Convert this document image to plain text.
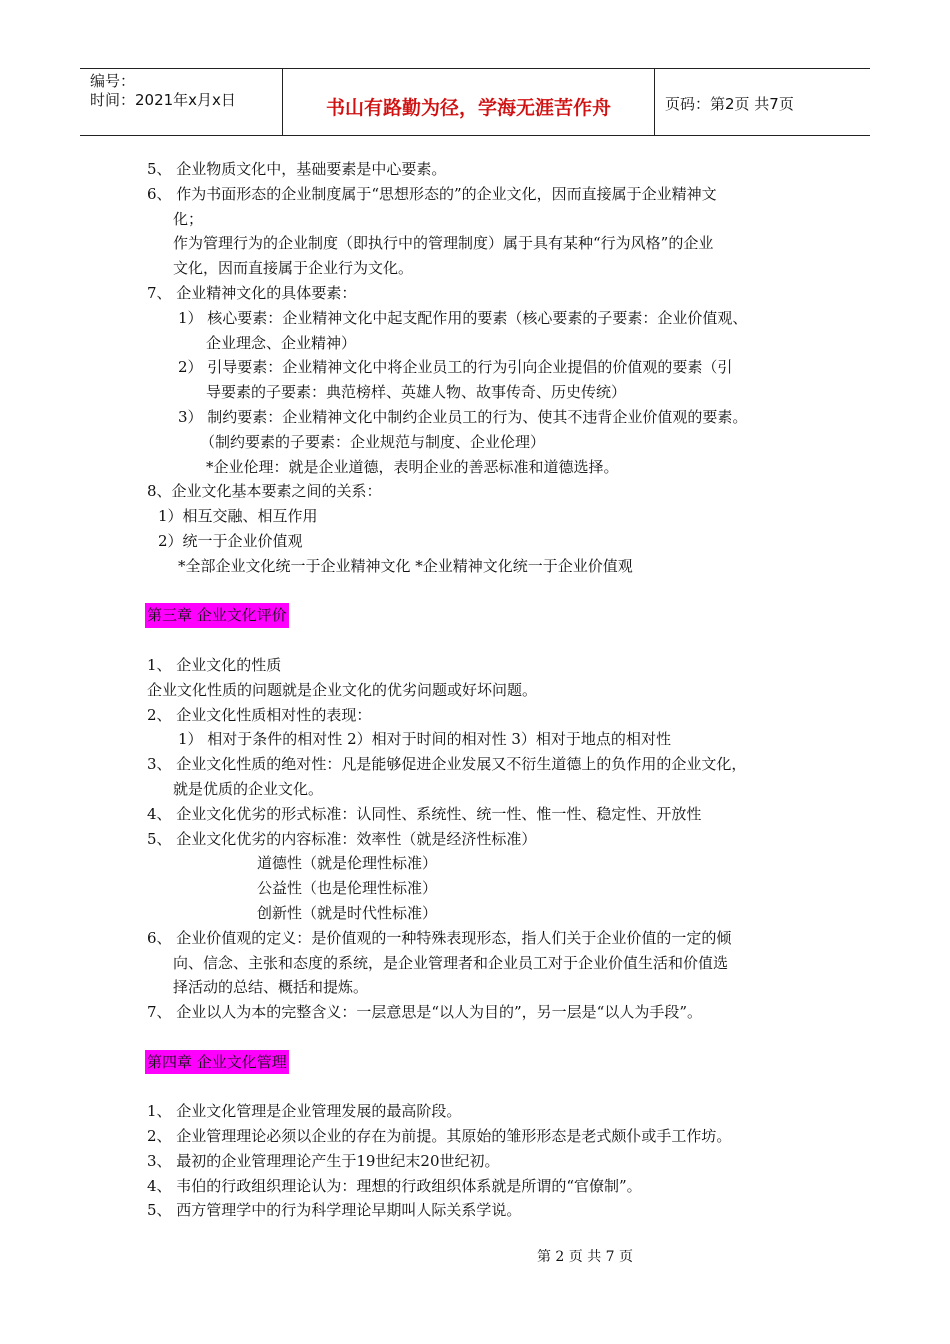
编号：
时间：2021年x月x日	书山有路勤为径，学海无涯苦作舟	页码：第2页 共7页
5、 企业物质文化中，基础要素是中心要素。
6、 作为书面形态的企业制度属于“思想形态的”的企业文化，因而直接属于企业精神文
化；
作为管理行为的企业制度（即执行中的管理制度）属于具有某种“行为风格”的企业
文化，因而直接属于企业行为文化。
7、 企业精神文化的具体要素：
1） 核心要素：企业精神文化中起支配作用的要素（核心要素的子要素：企业价值观、
企业理念、企业精神）
2） 引导要素：企业精神文化中将企业员工的行为引向企业提倡的价值观的要素（引
导要素的子要素：典范榜样、英雄人物、故事传奇、历史传统）
3） 制约要素：企业精神文化中制约企业员工的行为、使其不违背企业价值观的要素。
（制约要素的子要素：企业规范与制度、企业伦理）
*企业伦理：就是企业道德，表明企业的善恶标准和道德选择。
8、企业文化基本要素之间的关系：
1）相互交融、相互作用
2）统一于企业价值观
*全部企业文化统一于企业精神文化 *企业精神文化统一于企业价值观
第三章 企业文化评价
1、 企业文化的性质
企业文化性质的问题就是企业文化的优劣问题或好坏问题。
2、 企业文化性质相对性的表现：
1） 相对于条件的相对性 2）相对于时间的相对性 3）相对于地点的相对性
3、 企业文化性质的绝对性：凡是能够促进企业发展又不衍生道德上的负作用的企业文化，
就是优质的企业文化。
4、 企业文化优劣的形式标准：认同性、系统性、统一性、惟一性、稳定性、开放性
5、 企业文化优劣的内容标准：效率性（就是经济性标准）
道德性（就是伦理性标准）
公益性（也是伦理性标准）
创新性（就是时代性标准）
6、 企业价值观的定义：是价值观的一种特殊表现形态，指人们关于企业价值的一定的倾
向、信念、主张和态度的系统，是企业管理者和企业员工对于企业价值生活和价值选
择活动的总结、概括和提炼。
7、 企业以人为本的完整含义：一层意思是“以人为目的”，另一层是“以人为手段”。
第四章 企业文化管理
1、 企业文化管理是企业管理发展的最高阶段。
2、 企业管理理论必须以企业的存在为前提。其原始的雏形形态是老式颇仆或手工作坊。
3、 最初的企业管理理论产生于19世纪末20世纪初。
4、 韦伯的行政组织理论认为：理想的行政组织体系就是所谓的“官僚制”。
5、 西方管理学中的行为科学理论早期叫人际关系学说。
第 2 页 共 7 页
